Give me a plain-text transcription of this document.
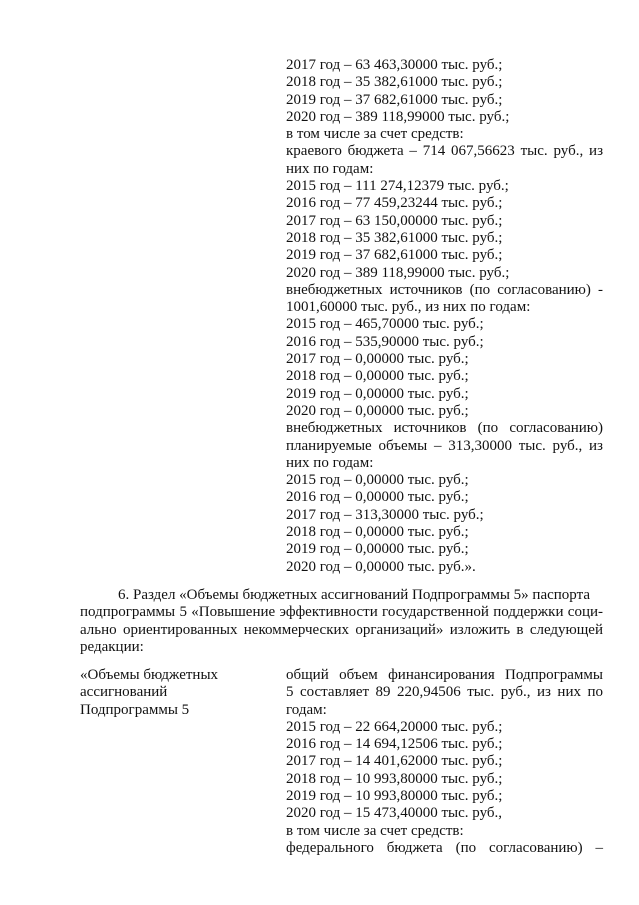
2017 год – 63 463,30000 тыс. руб.;
2018 год – 35 382,61000 тыс. руб.;
2019 год – 37 682,61000 тыс. руб.;
2020 год – 389 118,99000 тыс. руб.;
в том числе за счет средств:
краевого бюджета – 714 067,56623 тыс. руб., из
них по годам:
2015 год – 111 274,12379 тыс. руб.;
2016 год – 77 459,23244 тыс. руб.;
2017 год – 63 150,00000 тыс. руб.;
2018 год – 35 382,61000 тыс. руб.;
2019 год – 37 682,61000 тыс. руб.;
2020 год – 389 118,99000 тыс. руб.;
внебюджетных источников (по согласованию) -
1001,60000 тыс. руб., из них по годам:
2015 год – 465,70000 тыс. руб.;
2016 год – 535,90000 тыс. руб.;
2017 год – 0,00000 тыс. руб.;
2018 год – 0,00000 тыс. руб.;
2019 год – 0,00000 тыс. руб.;
2020 год – 0,00000 тыс. руб.;
внебюджетных источников (по согласованию)
планируемые объемы – 313,30000 тыс. руб., из
них по годам:
2015 год – 0,00000 тыс. руб.;
2016 год – 0,00000 тыс. руб.;
2017 год – 313,30000 тыс. руб.;
2018 год – 0,00000 тыс. руб.;
2019 год – 0,00000 тыс. руб.;
2020 год – 0,00000 тыс. руб.».
6. Раздел «Объемы бюджетных ассигнований Подпрограммы 5» паспорта
подпрограммы 5 «Повышение эффективности государственной поддержки соци-
ально ориентированных некоммерческих организаций» изложить в следующей
редакции:
«Объемы бюджетных
ассигнований
Подпрограммы 5
общий объем финансирования Подпрограммы
5 составляет 89 220,94506 тыс. руб., из них по
годам:
2015 год – 22 664,20000 тыс. руб.;
2016 год – 14 694,12506 тыс. руб.;
2017 год – 14 401,62000 тыс. руб.;
2018 год – 10 993,80000 тыс. руб.;
2019 год – 10 993,80000 тыс. руб.;
2020 год – 15 473,40000 тыс. руб.,
в том числе за счет средств:
федерального бюджета (по согласованию) –
